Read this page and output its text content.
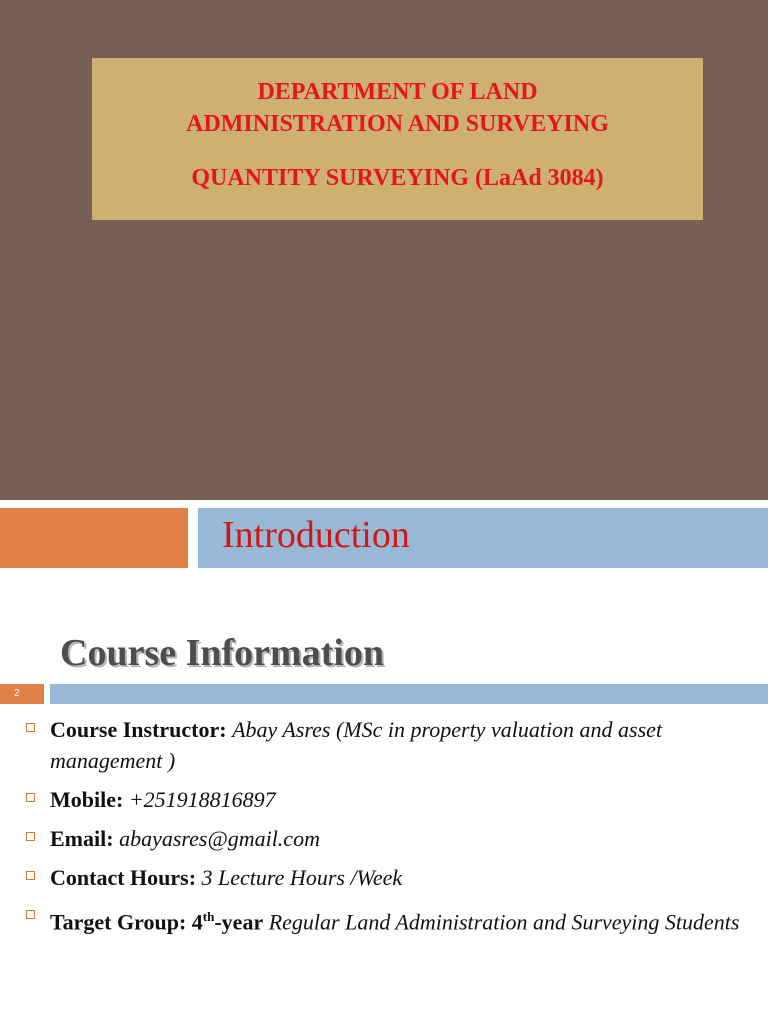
DEPARTMENT OF LAND
ADMINISTRATION AND SURVEYING
QUANTITY SURVEYING (LaAd 3084)
Introduction
Course Information
2
Course Instructor: Abay Asres (MSc in property valuation and asset management )
Mobile: +251918816897
Email: abayasres@gmail.com
Contact Hours: 3 Lecture Hours /Week
Target Group: 4th-year Regular Land Administration and Surveying Students
